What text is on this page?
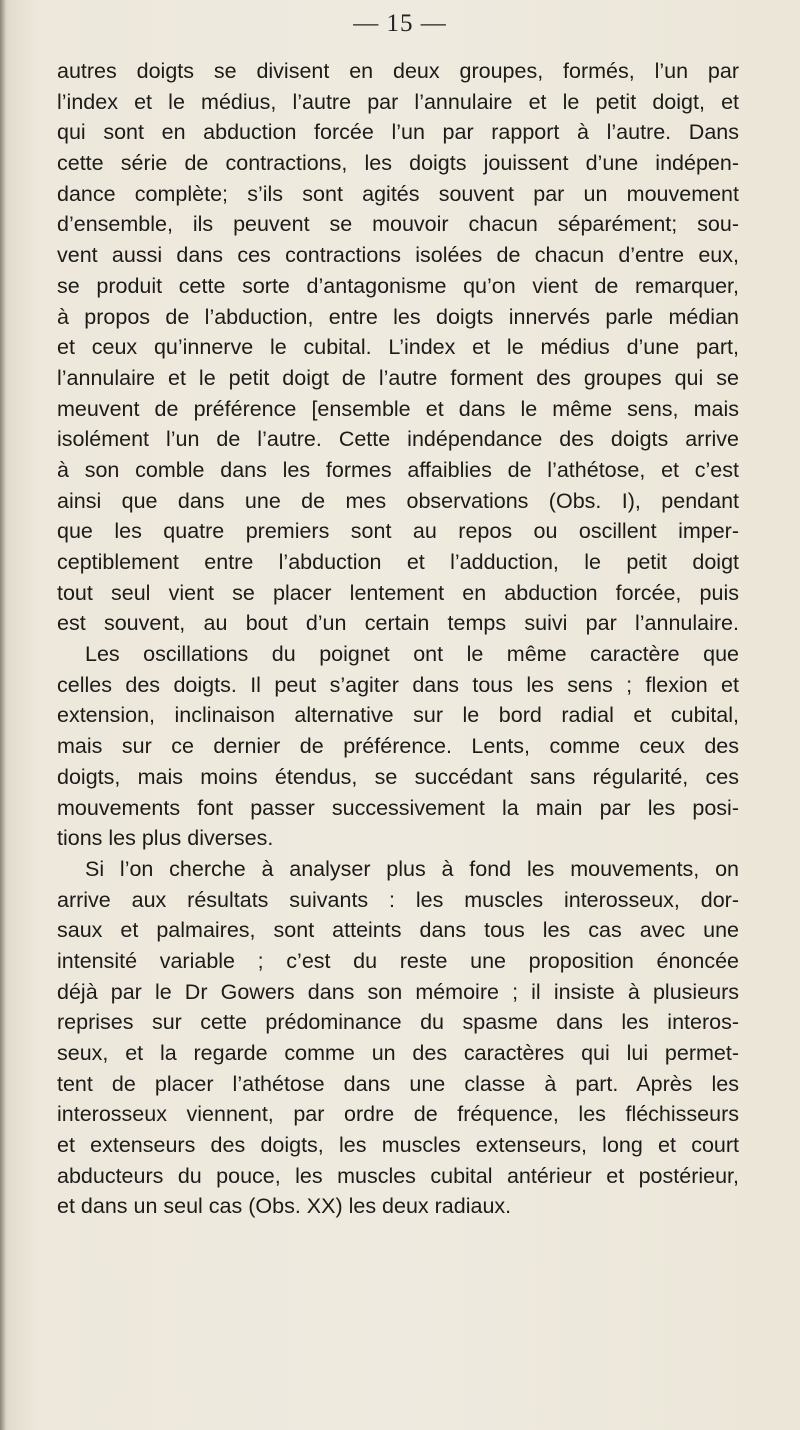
— 15 —
autres doigts se divisent en deux groupes, formés, l’un par
l’index et le médius, l’autre par l’annulaire et le petit doigt, et
qui sont en abduction forcée l’un par rapport à l’autre. Dans
cette série de contractions, les doigts jouissent d’une indépen-
dance complète; s’ils sont agités souvent par un mouvement
d’ensemble, ils peuvent se mouvoir chacun séparément; sou-
vent aussi dans ces contractions isolées de chacun d’entre eux,
se produit cette sorte d’antagonisme qu’on vient de remarquer,
à propos de l’abduction, entre les doigts innervés parle médian
et ceux qu’innerve le cubital. L’index et le médius d’une part,
l’annulaire et le petit doigt de l’autre forment des groupes qui se
meuvent de préférence [ensemble et dans le même sens, mais
isolément l’un de l’autre. Cette indépendance des doigts arrive
à son comble dans les formes affaiblies de l’athétose, et c’est
ainsi que dans une de mes observations (Obs. I), pendant
que les quatre premiers sont au repos ou oscillent imper-
ceptiblement entre l’abduction et l’adduction, le petit doigt
tout seul vient se placer lentement en abduction forcée, puis
est souvent, au bout d’un certain temps suivi par l’annulaire.
Les oscillations du poignet ont le même caractère que
celles des doigts. Il peut s’agiter dans tous les sens ; flexion et
extension, inclinaison alternative sur le bord radial et cubital,
mais sur ce dernier de préférence. Lents, comme ceux des
doigts, mais moins étendus, se succédant sans régularité, ces
mouvements font passer successivement la main par les posi-
tions les plus diverses.
Si l’on cherche à analyser plus à fond les mouvements, on
arrive aux résultats suivants : les muscles interosseux, dor-
saux et palmaires, sont atteints dans tous les cas avec une
intensité variable ; c’est du reste une proposition énoncée
déjà par le Dr Gowers dans son mémoire ; il insiste à plusieurs
reprises sur cette prédominance du spasme dans les interos-
seux, et la regarde comme un des caractères qui lui permet-
tent de placer l’athétose dans une classe à part. Après les
interosseux viennent, par ordre de fréquence, les fléchisseurs
et extenseurs des doigts, les muscles extenseurs, long et court
abducteurs du pouce, les muscles cubital antérieur et postérieur,
et dans un seul cas (Obs. XX) les deux radiaux.
